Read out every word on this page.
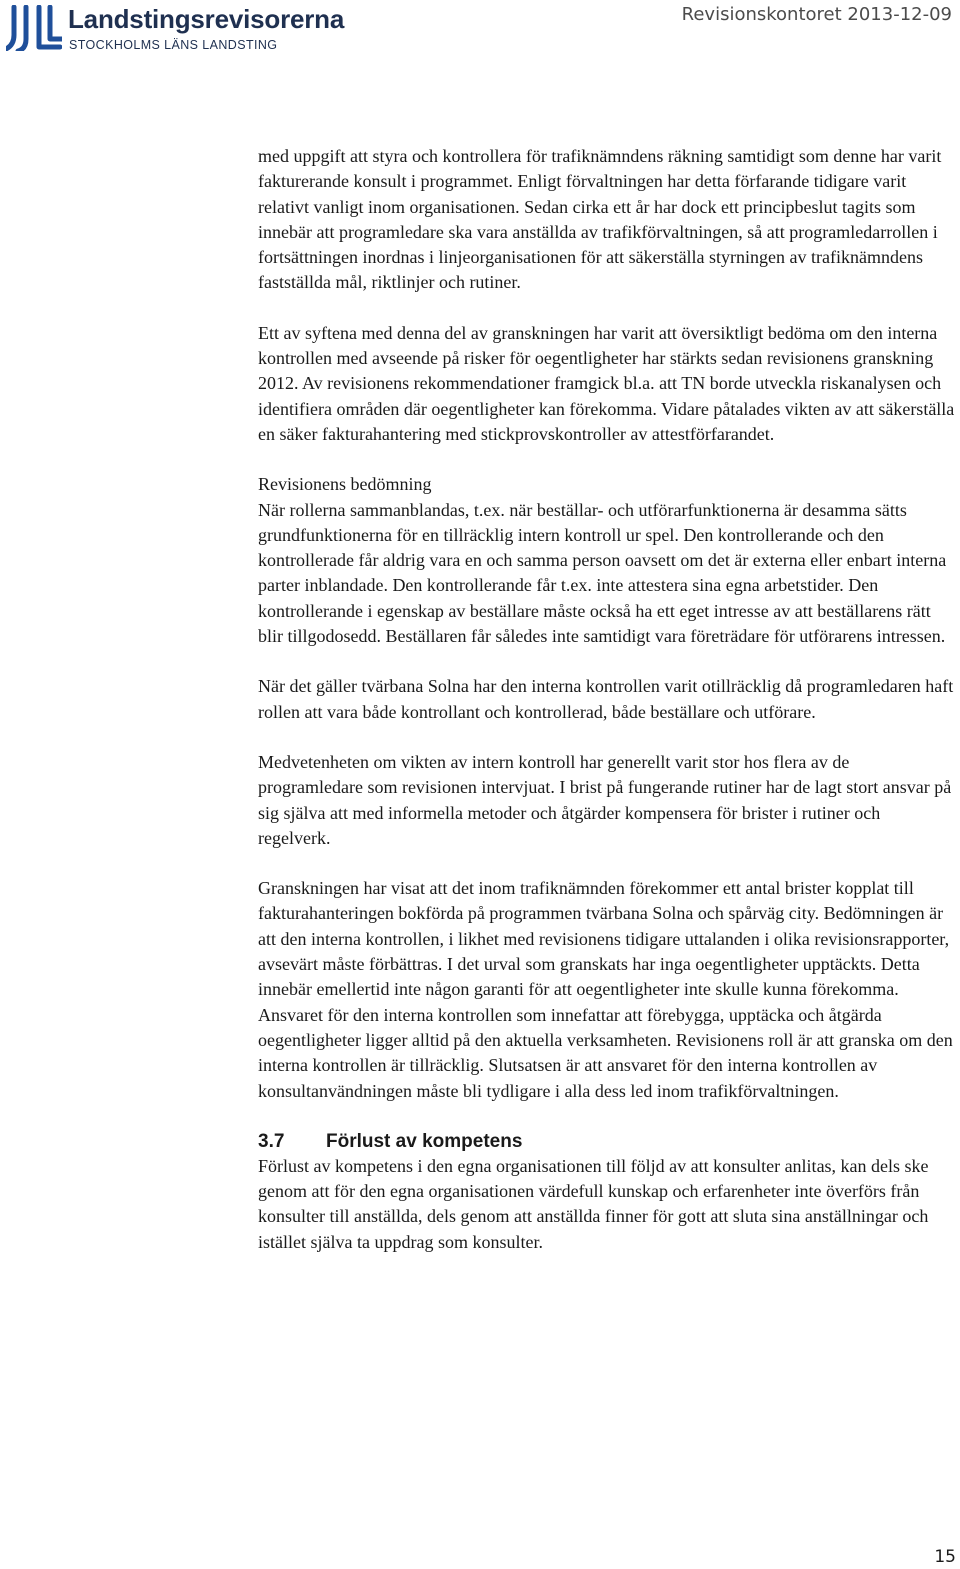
Landstingsrevisorerna
STOCKHOLMS LÄNS LANDSTING
Revisionskontoret 2013-12-09

med uppgift att styra och kontrollera för trafiknämndens räkning samtidigt som denne har varit fakturerande konsult i programmet. Enligt förvaltningen har detta förfarande tidigare varit relativt vanligt inom organisationen. Sedan cirka ett år har dock ett principbeslut tagits som innebär att programledare ska vara anställda av trafikförvaltningen, så att programledarrollen i fortsättningen inordnas i linjeorganisationen för att säkerställa styrningen av trafiknämndens fastställda mål, riktlinjer och rutiner.

Ett av syftena med denna del av granskningen har varit att översiktligt bedöma om den interna kontrollen med avseende på risker för oegentligheter har stärkts sedan revisionens granskning 2012. Av revisionens rekommendationer framgick bl.a. att TN borde utveckla riskanalysen och identifiera områden där oegentligheter kan förekomma. Vidare påtalades vikten av att säkerställa en säker fakturahantering med stickprovskontroller av attestförfarandet.

Revisionens bedömning

När rollerna sammanblandas, t.ex. när beställar- och utförarfunktionerna är desamma sätts grundfunktionerna för en tillräcklig intern kontroll ur spel. Den kontrollerande och den kontrollerade får aldrig vara en och samma person oavsett om det är externa eller enbart interna parter inblandade. Den kontrollerande får t.ex. inte attestera sina egna arbetstider. Den kontrollerande i egenskap av beställare måste också ha ett eget intresse av att beställarens rätt blir tillgodosedd. Beställaren får således inte samtidigt vara företrädare för utförarens intressen.

När det gäller tvärbana Solna har den interna kontrollen varit otillräcklig då programledaren haft rollen att vara både kontrollant och kontrollerad, både beställare och utförare.

Medvetenheten om vikten av intern kontroll har generellt varit stor hos flera av de programledare som revisionen intervjuat. I brist på fungerande rutiner har de lagt stort ansvar på sig själva att med informella metoder och åtgärder kompensera för brister i rutiner och regelverk.

Granskningen har visat att det inom trafiknämnden förekommer ett antal brister kopplat till fakturahanteringen bokförda på programmen tvärbana Solna och spårväg city. Bedömningen är att den interna kontrollen, i likhet med revisionens tidigare uttalanden i olika revisionsrapporter, avsevärt måste förbättras. I det urval som granskats har inga oegentligheter upptäckts. Detta innebär emellertid inte någon garanti för att oegentligheter inte skulle kunna förekomma. Ansvaret för den interna kontrollen som innefattar att förebygga, upptäcka och åtgärda oegentligheter ligger alltid på den aktuella verksamheten. Revisionens roll är att granska om den interna kontrollen är tillräcklig. Slutsatsen är att ansvaret för den interna kontrollen av konsultanvändningen måste bli tydligare i alla dess led inom trafikförvaltningen.

3.7 Förlust av kompetens

Förlust av kompetens i den egna organisationen till följd av att konsulter anlitas, kan dels ske genom att för den egna organisationen värdefull kunskap och erfarenheter inte överförs från konsulter till anställda, dels genom att anställda finner för gott att sluta sina anställningar och istället själva ta uppdrag som konsulter.

15
